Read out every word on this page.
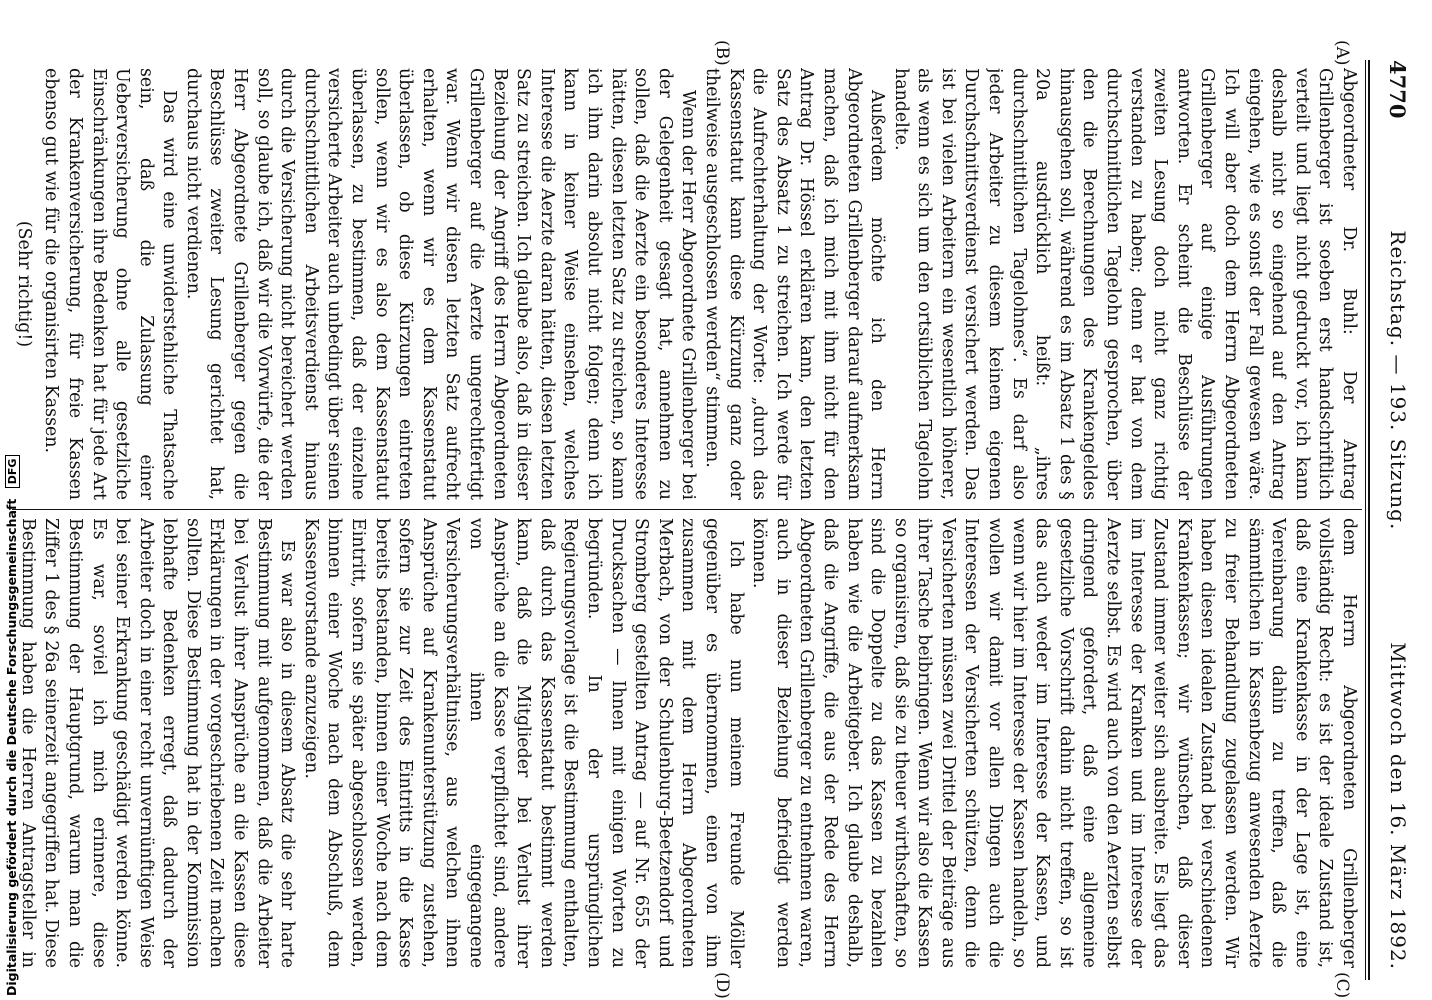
4770
Reichstag. — 193. Sitzung.
Mittwoch den 16. März 1892.
(A)
(B)
(C)
(D)

Abgeordneter Dr. Buhl: Der Antrag Grillenberger ist soeben erst handschriftlich verteilt und liegt nicht gedruckt vor, ich kann deshalb nicht so eingehend auf den Antrag eingehen, wie es sonst der Fall gewesen wäre. Ich will aber doch dem Herrn Abgeordneten Grillenberger auf einige Ausführungen antworten. Er scheint die Beschlüsse der zweiten Lesung doch nicht ganz richtig verstanden zu haben; denn er hat von dem durchschnittlichen Tagelohn gesprochen, über den die Berechnungen des Krankengeldes hinausgehen soll, während es im Absatz 1 des § 20a ausdrücklich heißt: „ihres durchschnittlichen Tagelohnes“. Es darf also jeder Arbeiter zu diesem keinem eigenen Durchschnittsverdienst versichert werden. Das ist bei vielen Arbeitern ein wesentlich höherer, als wenn es sich um den ortsüblichen Tagelohn handelte.

Außerdem möchte ich den Herrn Abgeordneten Grillenberger darauf aufmerksam machen, daß ich mich mit ihm nicht für den Antrag Dr. Hössel erklären kann, den letzten Satz des Absatz 1 zu streichen. Ich werde für die Aufrechterhaltung der Worte: „durch das Kassenstatut kann diese Kürzung ganz oder theilweise ausgeschlossen werden“ stimmen.

Wenn der Herr Abgeordnete Grillenberger bei der Gelegenheit gesagt hat, annehmen zu sollen, daß die Aerzte ein besonderes Interesse hätten, diesen letzten Satz zu streichen, so kann ich ihm darin absolut nicht folgen; denn ich kann in keiner Weise einsehen, welches Interesse die Aerzte daran hätten, diesen letzten Satz zu streichen. Ich glaube also, daß in dieser Beziehung der Angriff des Herrn Abgeordneten Grillenberger auf die Aerzte ungerechtfertigt war. Wenn wir diesen letzten Satz aufrecht erhalten, wenn wir es dem Kassenstatut überlassen, ob diese Kürzungen eintreten sollen, wenn wir es also dem Kassenstatut überlassen, zu bestimmen, daß der einzelne versicherte Arbeiter auch unbedingt über seinen durchschnittlichen Arbeitsverdienst hinaus durch die Versicherung nicht bereichert werden soll, so glaube ich, daß wir die Vorwürfe, die der Herr Abgeordnete Grillenberger gegen die Beschlüsse zweiter Lesung gerichtet hat, durchaus nicht verdienen.

Das wird eine unwiderstehliche Thatsache sein, daß die Zulassung einer Ueberversicherung ohne alle gesetzliche Einschränkungen ihre Bedenken hat für jede Art der Krankenversicherung, für freie Kassen ebenso gut wie für die organisirten Kassen.

(Sehr richtig!)

dem Herrn Abgeordneten Grillenberger vollständig Recht: es ist der ideale Zustand ist, daß eine Krankenkasse in der Lage ist, eine Vereinbarung dahin zu treffen, daß die sämmtlichen in Kassenbezug anwesenden Aerzte zu freier Behandlung zugelassen werden. Wir haben diesen idealen Zustand bei verschiedenen Krankenkassen; wir wünschen, daß dieser Zustand immer weiter sich ausbreite. Es liegt das im Interesse der Kranken und im Interesse der Aerzte selbst. Es wird auch von den Aerzten selbst dringend gefordert, daß eine allgemeine gesetzliche Vorschrift dahin nicht treffen, so ist das auch weder im Interesse der Kassen, und wenn wir hier im Interesse der Kassen handeln, so wollen wir damit vor allen Dingen auch die Interessen der Versicherten schützen, denn die Versicherten müssen zwei Drittel der Beiträge aus ihrer Tasche beibringen. Wenn wir also die Kassen so organisiren, daß sie zu theuer wirthschaften, so sind die Doppelte zu das Kassen zu bezahlen haben wie die Arbeitgeber. Ich glaube deshalb, daß die Angriffe, die aus der Rede des Herrn Abgeordneten Grillenberger zu entnehmen waren, auch in dieser Beziehung befriedigt werden können.

Ich habe nun meinem Freunde Möller gegenüber es übernommen, einen von ihm zusammen mit dem Herrn Abgeordneten Merbach, von der Schulenburg-Beetzendorf und Stromberg gestellten Antrag — auf Nr. 655 der Drucksachen — Ihnen mit einigen Worten zu begründen. In der ursprünglichen Regierungsvorlage ist die Bestimmung enthalten, daß durch das Kassenstatut bestimmt werden kann, daß die Mitglieder bei Verlust ihrer Ansprüche an die Kasse verpflichtet sind, andere von ihnen eingegangene Versicherungsverhältnisse, aus welchen ihnen Ansprüche auf Krankenunterstützung zustehen, sofern sie zur Zeit des Eintritts in die Kasse bereits bestanden, binnen einer Woche nach dem Eintritt, sofern sie später abgeschlossen werden, binnen einer Woche nach dem Abschluß, dem Kassenvorstande anzuzeigen.

Es war also in diesem Absatz die sehr harte Bestimmung mit aufgenommen, daß die Arbeiter bei Verlust ihrer Ansprüche an die Kassen diese Erklärungen in der vorgeschriebenen Zeit machen sollten. Diese Bestimmung hat in der Kommission lebhafte Bedenken erregt, daß dadurch der Arbeiter doch in einer recht unvernünftigen Weise bei seiner Erkrankung geschädigt werden könne. Es war, soviel ich mich erinnere, diese Bestimmung der Hauptgrund, warum man die Ziffer 1 des § 26a seinerzeit angegriffen hat. Diese Bestimmung haben die Herren Antragsteller in

Digitalisierung gefördert durch die Deutsche Forschungsgemeinschaft DFG
